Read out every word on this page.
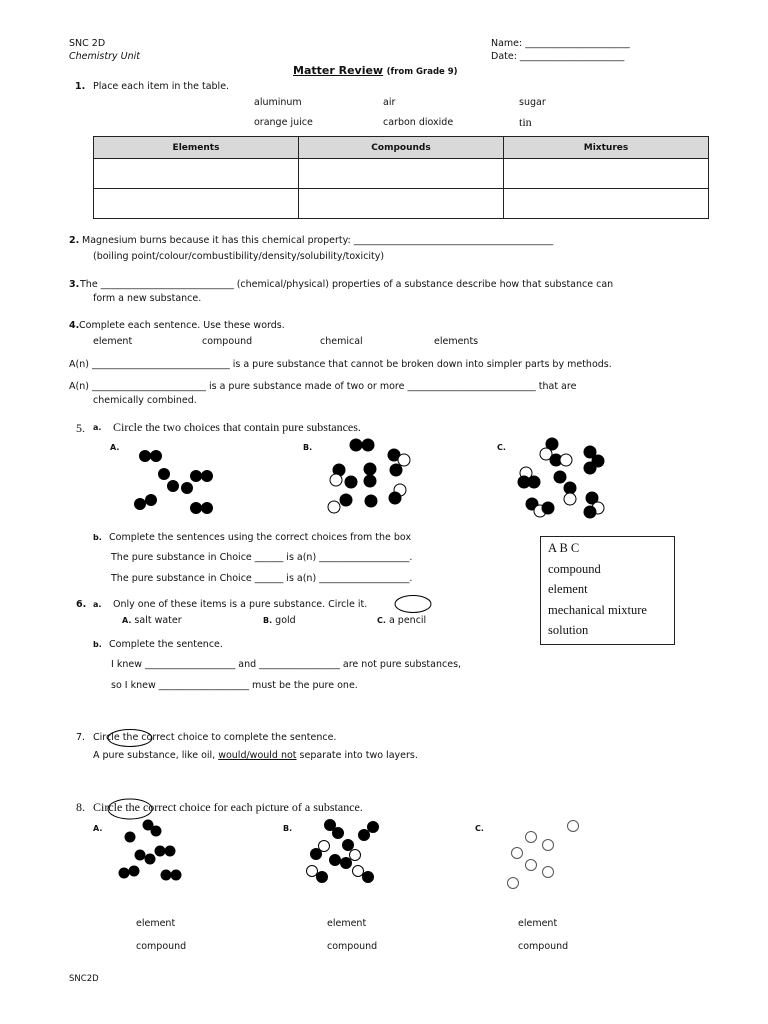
SNC 2D
Chemistry Unit
Name: ______________________
Date: ______________________
Matter Review (from Grade 9)
1. Place each item in the table.
aluminum	air	sugar
orange juice	carbon dioxide	tin
Elements	Compounds	Mixtures

2. Magnesium burns because it has this chemical property: __________________________________________
(boiling point/colour/combustibility/density/solubility/toxicity)
3. The ____________________________ (chemical/physical) properties of a substance describe how that substance can
form a new substance.
4. Complete each sentence. Use these words.
element	compound	chemical	elements
A(n) _____________________________ is a pure substance that cannot be broken down into simpler parts by methods.
A(n) ________________________ is a pure substance made of two or more ___________________________ that are
chemically combined.
5. a. Circle the two choices that contain pure substances.
A.	B.	C.
b. Complete the sentences using the correct choices from the box
The pure substance in Choice ______ is a(n) ___________________.
The pure substance in Choice ______ is a(n) ___________________.
A B C
compound
element
mechanical mixture
solution
6. a. Only one of these items is a pure substance. Circle it.
A. salt water	B. gold	C. a pencil
b. Complete the sentence.
I knew ___________________ and _________________ are not pure substances,
so I knew ___________________ must be the pure one.
7. Circle the correct choice to complete the sentence.
A pure substance, like oil, would/would not separate into two layers.
8. Circle the correct choice for each picture of a substance.
A.	B.	C.
element
compound
element
compound
element
compound
SNC2D
